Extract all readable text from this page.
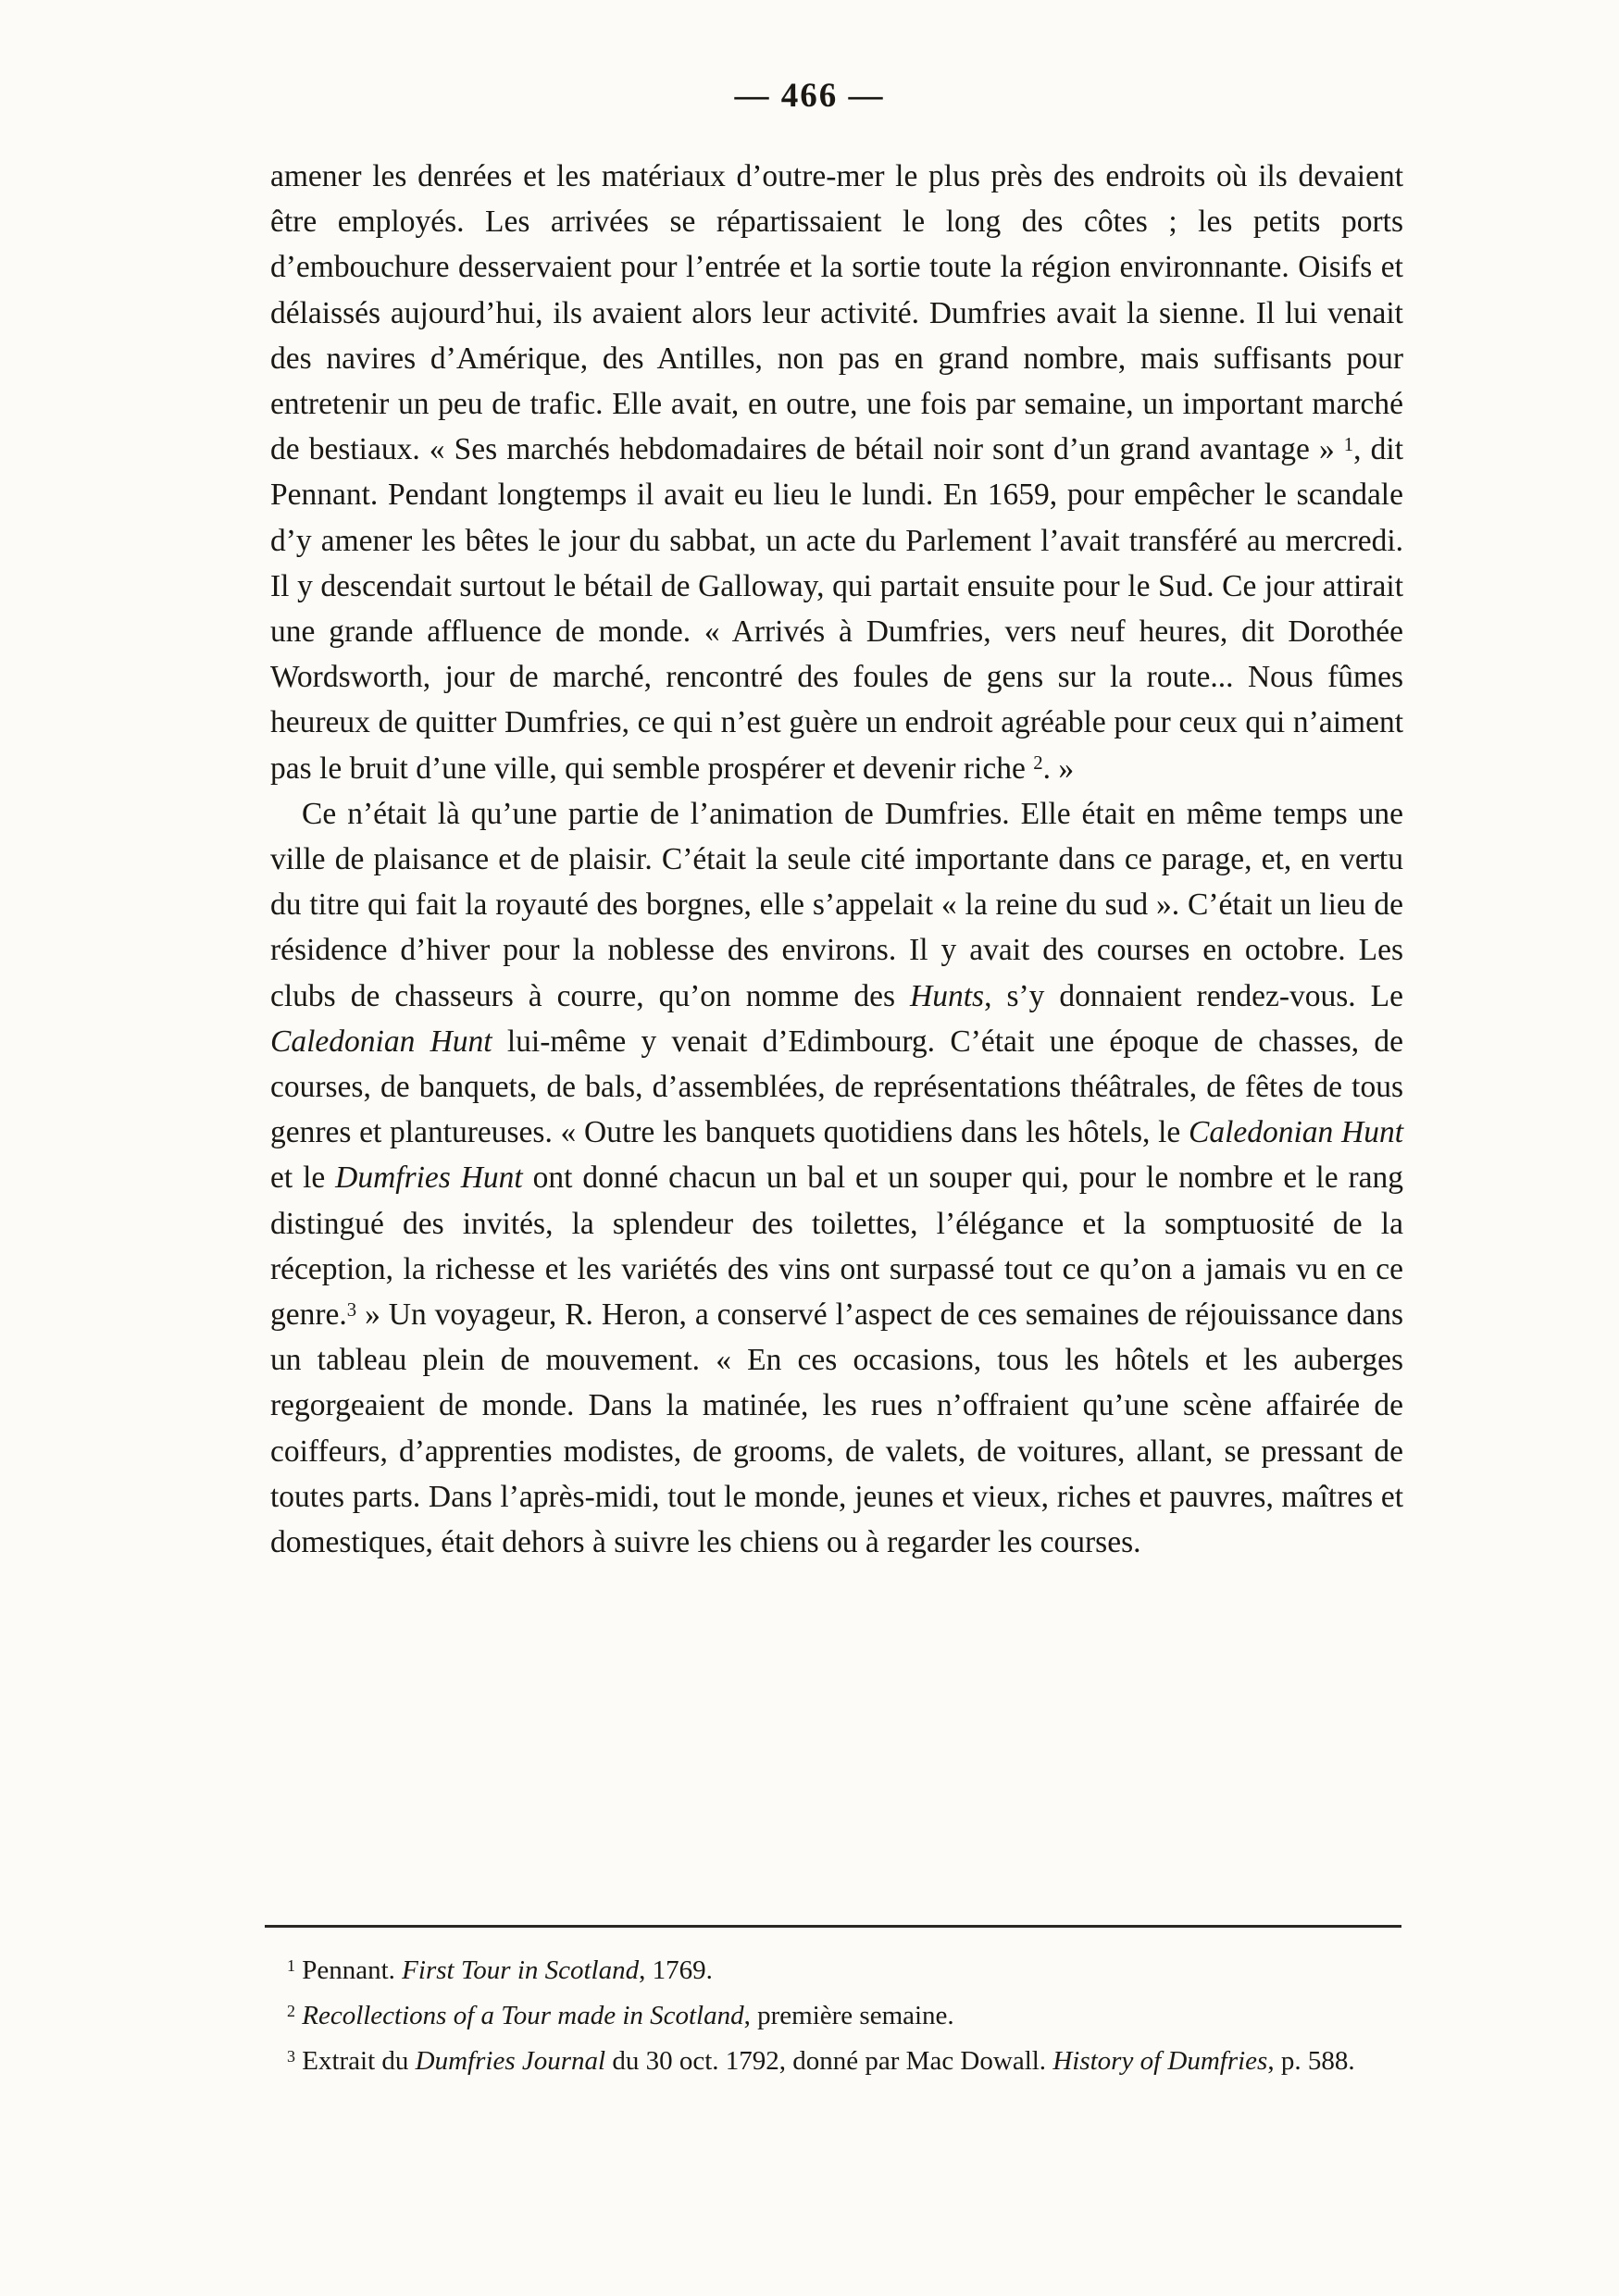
— 466 —

amener les denrées et les matériaux d’outre-mer le plus près des endroits où ils devaient être employés. Les arrivées se répartissaient le long des côtes ; les petits ports d’embouchure desservaient pour l’entrée et la sortie toute la région environnante. Oisifs et délaissés aujourd’hui, ils avaient alors leur activité. Dumfries avait la sienne. Il lui venait des navires d’Amérique, des Antilles, non pas en grand nombre, mais suffisants pour entretenir un peu de trafic. Elle avait, en outre, une fois par semaine, un important marché de bestiaux. « Ses marchés hebdomadaires de bétail noir sont d’un grand avantage » $^1$, dit Pennant. Pendant longtemps il avait eu lieu le lundi. En 1659, pour empêcher le scandale d’y amener les bêtes le jour du sabbat, un acte du Parlement l’avait transféré au mercredi. Il y descendait surtout le bétail de Galloway, qui partait ensuite pour le Sud. Ce jour attirait une grande affluence de monde. « Arrivés à Dumfries, vers neuf heures, dit Dorothée Wordsworth, jour de marché, rencontré des foules de gens sur la route... Nous fûmes heureux de quitter Dumfries, ce qui n’est guère un endroit agréable pour ceux qui n’aiment pas le bruit d’une ville, qui semble prospérer et devenir riche $^2$. »

Ce n’était là qu’une partie de l’animation de Dumfries. Elle était en même temps une ville de plaisance et de plaisir. C’était la seule cité importante dans ce parage, et, en vertu du titre qui fait la royauté des borgnes, elle s’appelait « la reine du sud ». C’était un lieu de résidence d’hiver pour la noblesse des environs. Il y avait des courses en octobre. Les clubs de chasseurs à courre, qu’on nomme des Hunts, s’y donnaient rendez-vous. Le Caledonian Hunt lui-même y venait d’Edimbourg. C’était une époque de chasses, de courses, de banquets, de bals, d’assemblées, de représentations théâtrales, de fêtes de tous genres et plantureuses. « Outre les banquets quotidiens dans les hôtels, le Caledonian Hunt et le Dumfries Hunt ont donné chacun un bal et un souper qui, pour le nombre et le rang distingué des invités, la splendeur des toilettes, l’élégance et la somptuosité de la réception, la richesse et les variétés des vins ont surpassé tout ce qu’on a jamais vu en ce genre.$^3$ » Un voyageur, R. Heron, a conservé l’aspect de ces semaines de réjouissance dans un tableau plein de mouvement. « En ces occasions, tous les hôtels et les auberges regorgeaient de monde. Dans la matinée, les rues n’offraient qu’une scène affairée de coiffeurs, d’apprenties modistes, de grooms, de valets, de voitures, allant, se pressant de toutes parts. Dans l’après-midi, tout le monde, jeunes et vieux, riches et pauvres, maîtres et domestiques, était dehors à suivre les chiens ou à regarder les courses.

$^1$ Pennant. First Tour in Scotland, 1769.

$^2$ Recollections of a Tour made in Scotland, première semaine.

$^3$ Extrait du Dumfries Journal du 30 oct. 1792, donné par Mac Dowall. History of Dumfries, p. 588.
